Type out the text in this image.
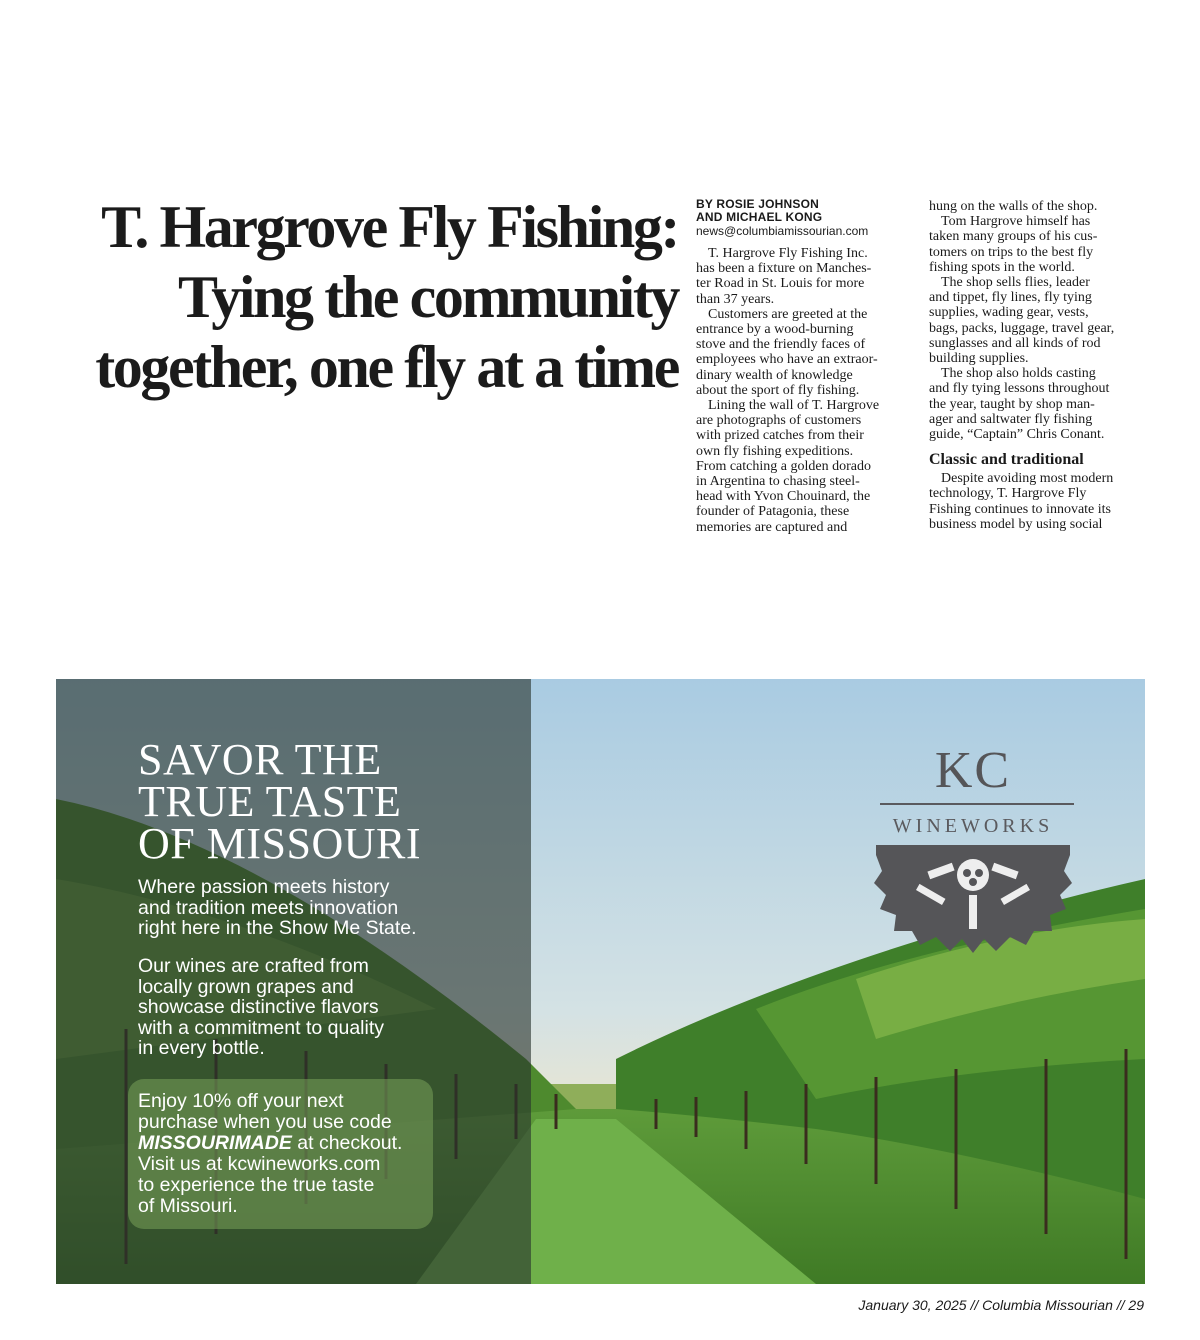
T. Hargrove Fly Fishing:
Tying the community
together, one fly at a time
BY ROSIE JOHNSON
AND MICHAEL KONG
news@columbiamissourian.com

T. Hargrove Fly Fishing Inc.

has been a fixture on Manches-

ter Road in St. Louis for more

than 37 years.

Customers are greeted at the

entrance by a wood-burning

stove and the friendly faces of

employees who have an extraor-

dinary wealth of knowledge

about the sport of fly fishing.

Lining the wall of T. Hargrove

are photographs of customers

with prized catches from their

own fly fishing expeditions.

From catching a golden dorado

in Argentina to chasing steel-

head with Yvon Chouinard, the

founder of Patagonia, these

memories are captured and

hung on the walls of the shop.

Tom Hargrove himself has

taken many groups of his cus-

tomers on trips to the best fly

fishing spots in the world.

The shop sells flies, leader

and tippet, fly lines, fly tying

supplies, wading gear, vests,

bags, packs, luggage, travel gear,

sunglasses and all kinds of rod

building supplies.

The shop also holds casting

and fly tying lessons throughout

the year, taught by shop man-

ager and saltwater fly fishing

guide, “Captain” Chris Conant.

Classic and traditional

Despite avoiding most modern

technology, T. Hargrove Fly

Fishing continues to innovate its

business model by using social

SAVOR THE
TRUE TASTE
OF MISSOURI
Where passion meets history
and tradition meets innovation
right here in the Show Me State.
Our wines are crafted from
locally grown grapes and
showcase distinctive flavors
with a commitment to quality
in every bottle.
Enjoy 10% off your next
purchase when you use code
MISSOURIMADE at checkout.
Visit us at kcwineworks.com
to experience the true taste
of Missouri.
KC
WINEWORKS
January 30, 2025 // Columbia Missourian // 29
